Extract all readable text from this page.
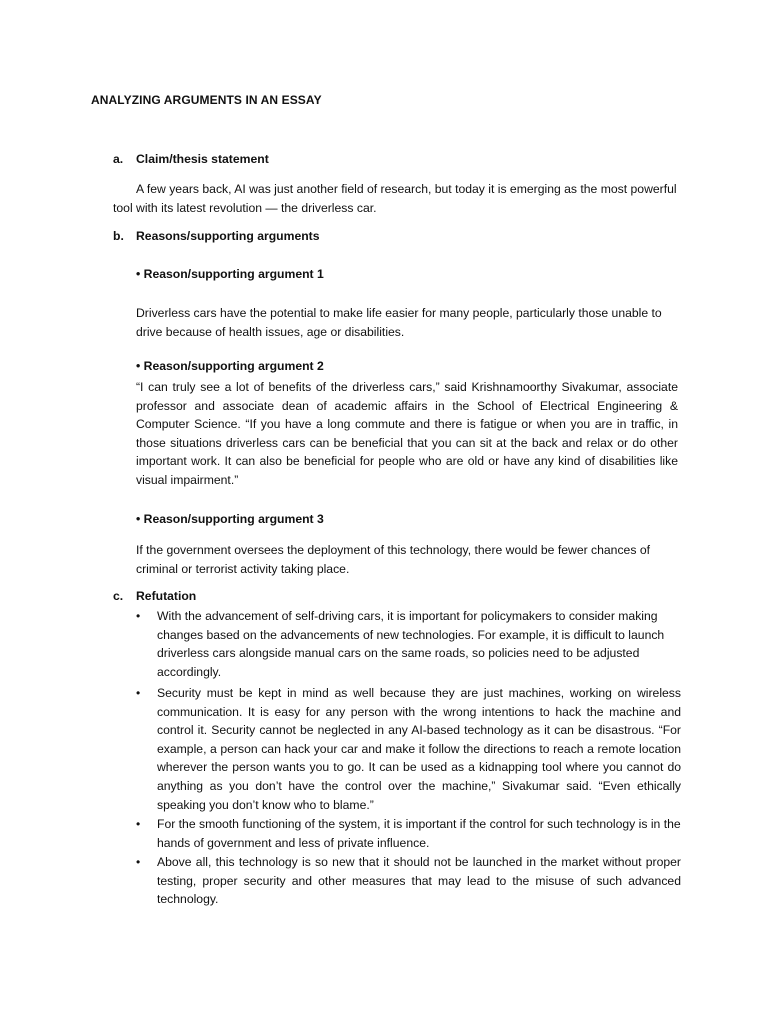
ANALYZING ARGUMENTS IN AN ESSAY
a. Claim/thesis statement
A few years back, AI was just another field of research, but today it is emerging as the most powerful tool with its latest revolution — the driverless car.
b. Reasons/supporting arguments
• Reason/supporting argument 1
Driverless cars have the potential to make life easier for many people, particularly those unable to drive because of health issues, age or disabilities.
• Reason/supporting argument 2
“I can truly see a lot of benefits of the driverless cars,” said Krishnamoorthy Sivakumar, associate professor and associate dean of academic affairs in the School of Electrical Engineering & Computer Science. “If you have a long commute and there is fatigue or when you are in traffic, in those situations driverless cars can be beneficial that you can sit at the back and relax or do other important work. It can also be beneficial for people who are old or have any kind of disabilities like visual impairment.”
• Reason/supporting argument 3
If the government oversees the deployment of this technology, there would be fewer chances of criminal or terrorist activity taking place.
c. Refutation
• With the advancement of self-driving cars, it is important for policymakers to consider making changes based on the advancements of new technologies. For example, it is difficult to launch driverless cars alongside manual cars on the same roads, so policies need to be adjusted accordingly.
• Security must be kept in mind as well because they are just machines, working on wireless communication. It is easy for any person with the wrong intentions to hack the machine and control it. Security cannot be neglected in any AI-based technology as it can be disastrous. “For example, a person can hack your car and make it follow the directions to reach a remote location wherever the person wants you to go. It can be used as a kidnapping tool where you cannot do anything as you don’t have the control over the machine,” Sivakumar said. “Even ethically speaking you don’t know who to blame.”
• For the smooth functioning of the system, it is important if the control for such technology is in the hands of government and less of private influence.
• Above all, this technology is so new that it should not be launched in the market without proper testing, proper security and other measures that may lead to the misuse of such advanced technology.
